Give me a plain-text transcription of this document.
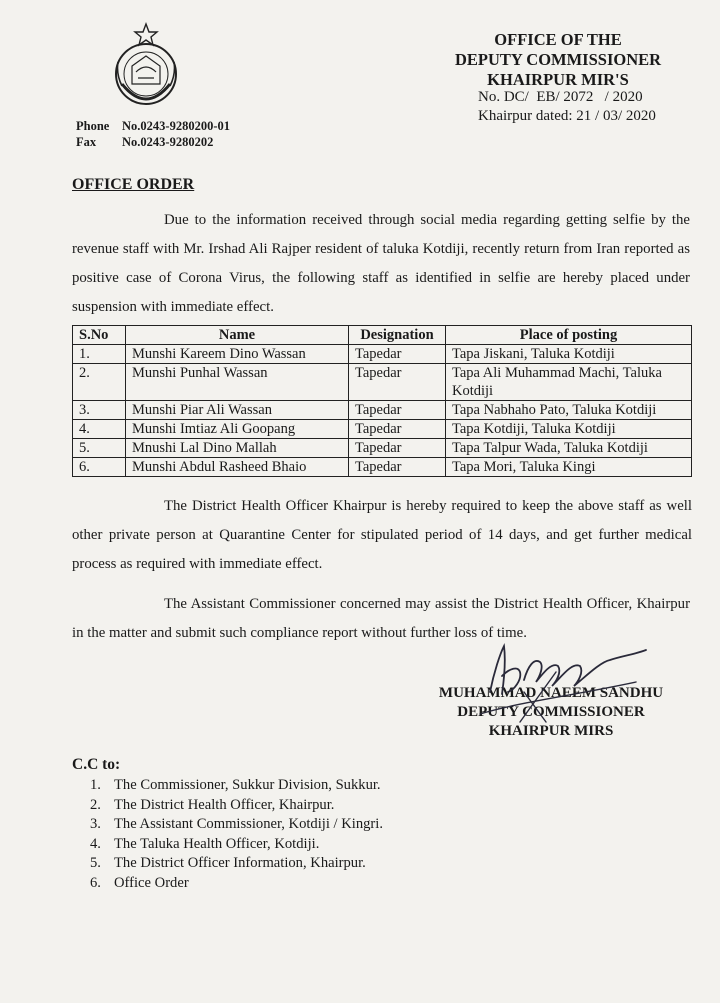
OFFICE OF THE
DEPUTY COMMISSIONER
KHAIRPUR MIR'S
No. DC/  EB/ 2072   / 2020
Khairpur dated: 21 / 03/ 2020
Phone No.0243-9280200-01
Fax No.0243-9280202
OFFICE ORDER
Due to the information received through social media regarding getting selfie by the revenue staff with Mr. Irshad Ali Rajper resident of taluka Kotdiji, recently return from Iran reported as positive case of Corona Virus, the following staff as identified in selfie are hereby placed under suspension with immediate effect.
S.No	Name	Designation	Place of posting
1.	Munshi Kareem Dino Wassan	Tapedar	Tapa Jiskani, Taluka Kotdiji
2.	Munshi Punhal Wassan	Tapedar	Tapa Ali Muhammad Machi, Taluka Kotdiji
3.	Munshi Piar Ali Wassan	Tapedar	Tapa Nabhaho Pato, Taluka Kotdiji
4.	Munshi Imtiaz Ali Goopang	Tapedar	Tapa Kotdiji, Taluka Kotdiji
5.	Mnushi Lal Dino Mallah	Tapedar	Tapa Talpur Wada, Taluka Kotdiji
6.	Munshi Abdul Rasheed Bhaio	Tapedar	Tapa Mori, Taluka Kingi
The District Health Officer Khairpur is hereby required to keep the above staff as well other private person at Quarantine Center for stipulated period of 14 days, and get further medical process as required with immediate effect.
The Assistant Commissioner concerned may assist the District Health Officer, Khairpur in the matter and submit such compliance report without further loss of time.
MUHAMMAD NAEEM SANDHU
DEPUTY COMMISSIONER
KHAIRPUR MIRS
C.C to:
1. The Commissioner, Sukkur Division, Sukkur.
2. The District Health Officer, Khairpur.
3. The Assistant Commissioner, Kotdiji / Kingri.
4. The Taluka Health Officer, Kotdiji.
5. The District Officer Information, Khairpur.
6. Office Order
